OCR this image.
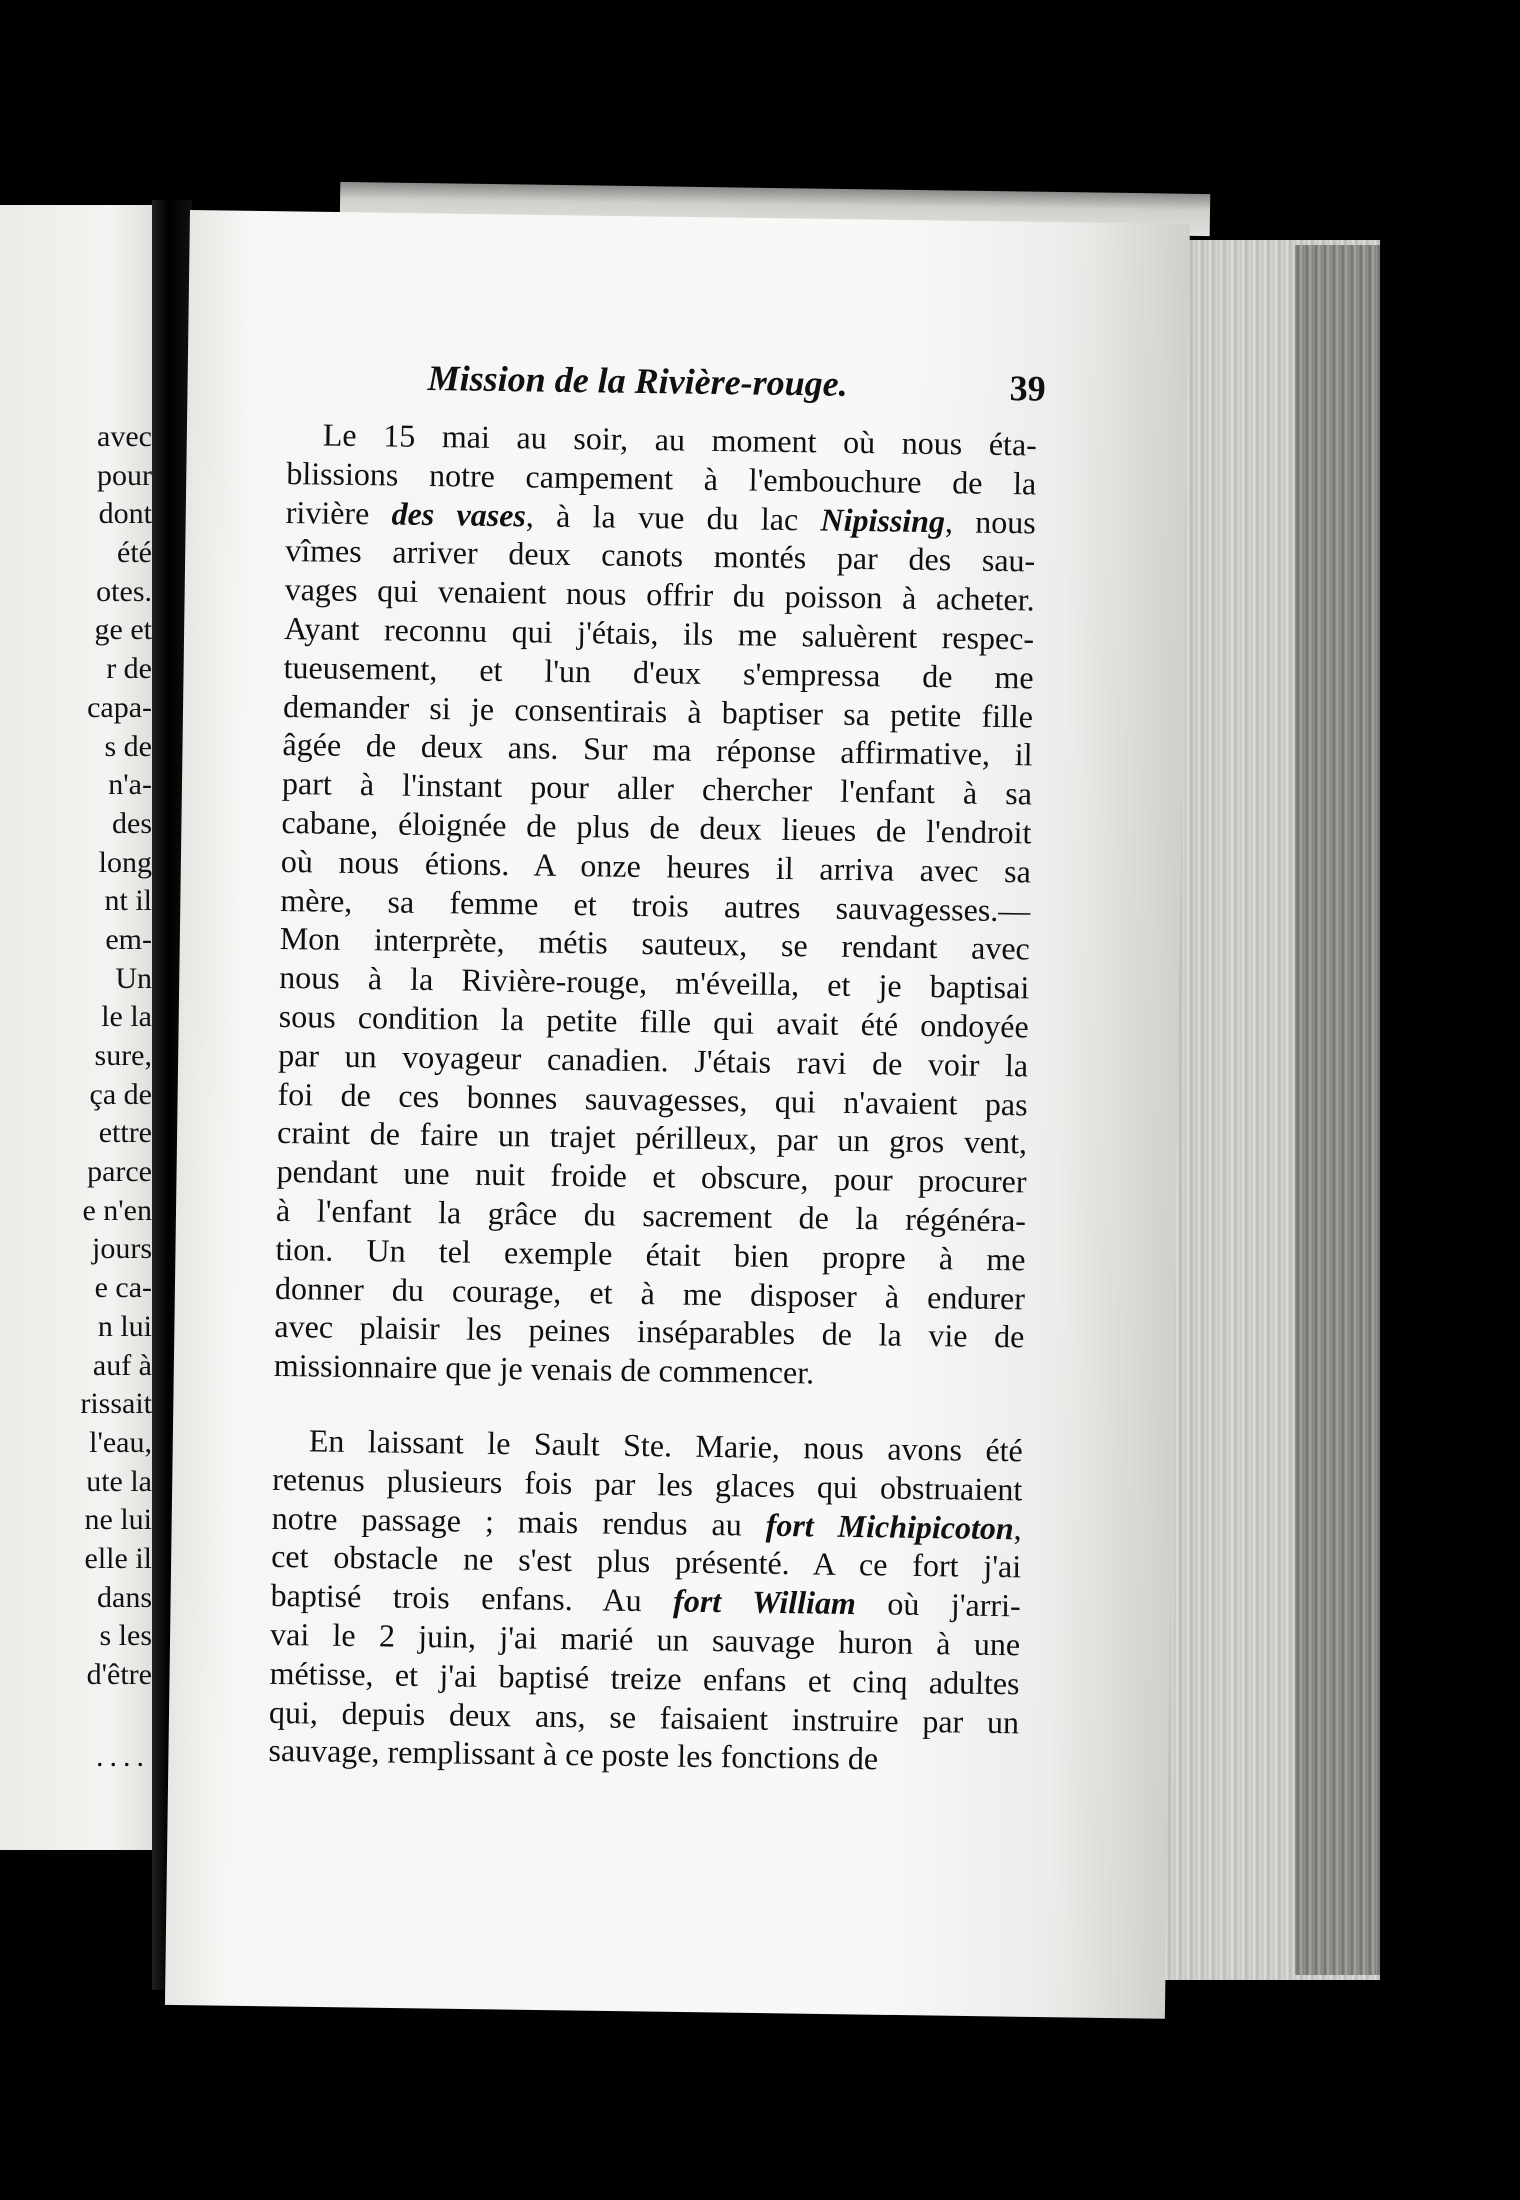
avec
pour
dont
été
otes.
ge et
r de
capa-
s de
n'a-
des
long
nt il
em-
Un
le la
sure,
ça de
ettre
parce
e n'en
jours
e ca-
n lui
auf à
rissait
l'eau,
ute la
ne lui
elle il
dans
s les
d'être
....
Mission de la Rivière-rouge.	39
Le 15 mai au soir, au moment où nous éta-
blissions notre campement à l'embouchure de la
rivière des vases, à la vue du lac Nipissing, nous
vîmes arriver deux canots montés par des sau-
vages qui venaient nous offrir du poisson à acheter.
Ayant reconnu qui j'étais, ils me saluèrent respec-
tueusement, et l'un d'eux s'empressa de me
demander si je consentirais à baptiser sa petite fille
âgée de deux ans. Sur ma réponse affirmative, il
part à l'instant pour aller chercher l'enfant à sa
cabane, éloignée de plus de deux lieues de l'endroit
où nous étions. A onze heures il arriva avec sa
mère, sa femme et trois autres sauvagesses.—
Mon interprète, métis sauteux, se rendant avec
nous à la Rivière-rouge, m'éveilla, et je baptisai
sous condition la petite fille qui avait été ondoyée
par un voyageur canadien. J'étais ravi de voir la
foi de ces bonnes sauvagesses, qui n'avaient pas
craint de faire un trajet périlleux, par un gros vent,
pendant une nuit froide et obscure, pour procurer
à l'enfant la grâce du sacrement de la régénéra-
tion. Un tel exemple était bien propre à me
donner du courage, et à me disposer à endurer
avec plaisir les peines inséparables de la vie de
missionnaire que je venais de commencer.
En laissant le Sault Ste. Marie, nous avons été
retenus plusieurs fois par les glaces qui obstruaient
notre passage ; mais rendus au fort Michipicoton,
cet obstacle ne s'est plus présenté. A ce fort j'ai
baptisé trois enfans. Au fort William où j'arri-
vai le 2 juin, j'ai marié un sauvage huron à une
métisse, et j'ai baptisé treize enfans et cinq adultes
qui, depuis deux ans, se faisaient instruire par un
sauvage, remplissant à ce poste les fonctions de
